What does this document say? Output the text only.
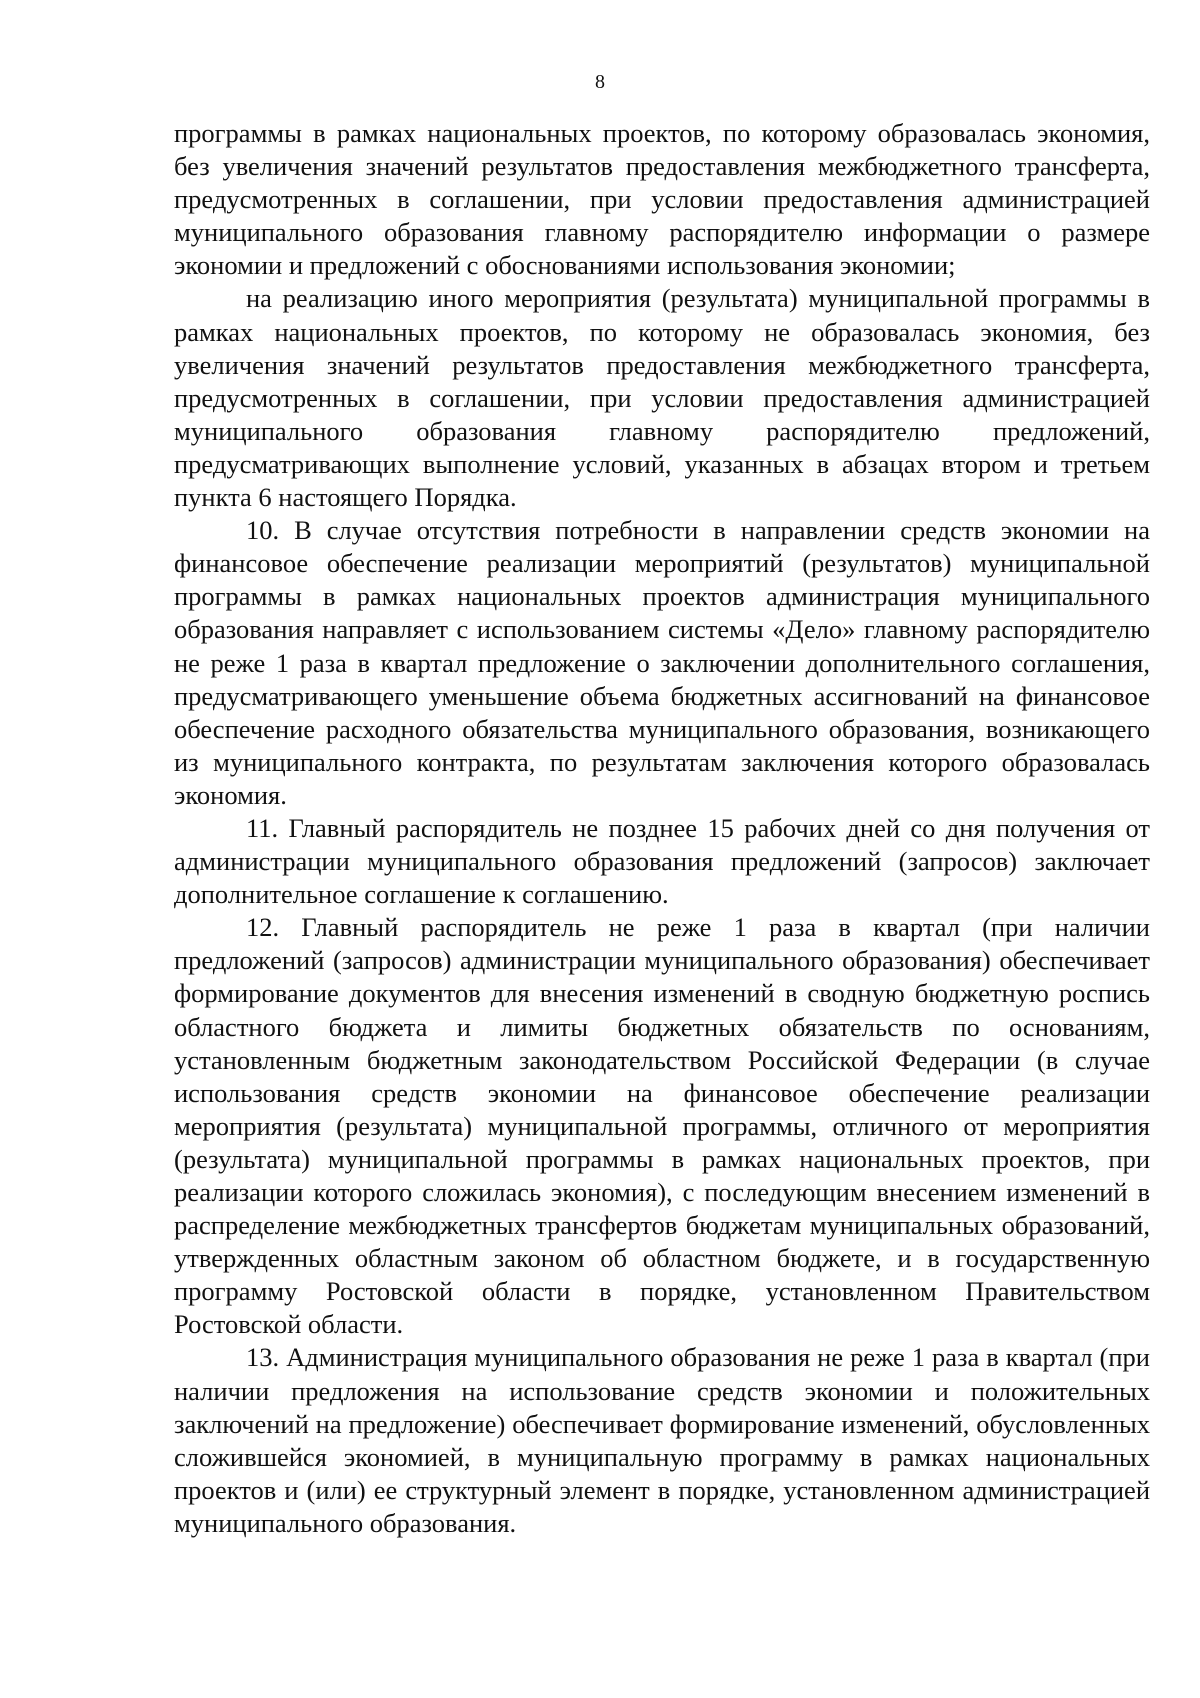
8

программы в рамках национальных проектов, по которому образовалась экономия, без увеличения значений результатов предоставления межбюджетного трансферта, предусмотренных в соглашении, при условии предоставления администрацией муниципального образования главному распорядителю информации о размере экономии и предложений с обоснованиями использования экономии;

на реализацию иного мероприятия (результата) муниципальной программы в рамках национальных проектов, по которому не образовалась экономия, без увеличения значений результатов предоставления межбюджетного трансферта, предусмотренных в соглашении, при условии предоставления администрацией муниципального образования главному распорядителю предложений, предусматривающих выполнение условий, указанных в абзацах втором и третьем пункта 6 настоящего Порядка.

10. В случае отсутствия потребности в направлении средств экономии на финансовое обеспечение реализации мероприятий (результатов) муниципальной программы в рамках национальных проектов администрация муниципального образования направляет с использованием системы «Дело» главному распорядителю не реже 1 раза в квартал предложение о заключении дополнительного соглашения, предусматривающего уменьшение объема бюджетных ассигнований на финансовое обеспечение расходного обязательства муниципального образования, возникающего из муниципального контракта, по результатам заключения которого образовалась экономия.

11. Главный распорядитель не позднее 15 рабочих дней со дня получения от администрации муниципального образования предложений (запросов) заключает дополнительное соглашение к соглашению.

12. Главный распорядитель не реже 1 раза в квартал (при наличии предложений (запросов) администрации муниципального образования) обеспечивает формирование документов для внесения изменений в сводную бюджетную роспись областного бюджета и лимиты бюджетных обязательств по основаниям, установленным бюджетным законодательством Российской Федерации (в случае использования средств экономии на финансовое обеспечение реализации мероприятия (результата) муниципальной программы, отличного от мероприятия (результата) муниципальной программы в рамках национальных проектов, при реализации которого сложилась экономия), с последующим внесением изменений в распределение межбюджетных трансфертов бюджетам муниципальных образований, утвержденных областным законом об областном бюджете, и в государственную программу Ростовской области в порядке, установленном Правительством Ростовской области.

13. Администрация муниципального образования не реже 1 раза в квартал (при наличии предложения на использование средств экономии и положительных заключений на предложение) обеспечивает формирование изменений, обусловленных сложившейся экономией, в муниципальную программу в рамках национальных проектов и (или) ее структурный элемент в порядке, установленном администрацией муниципального образования.
